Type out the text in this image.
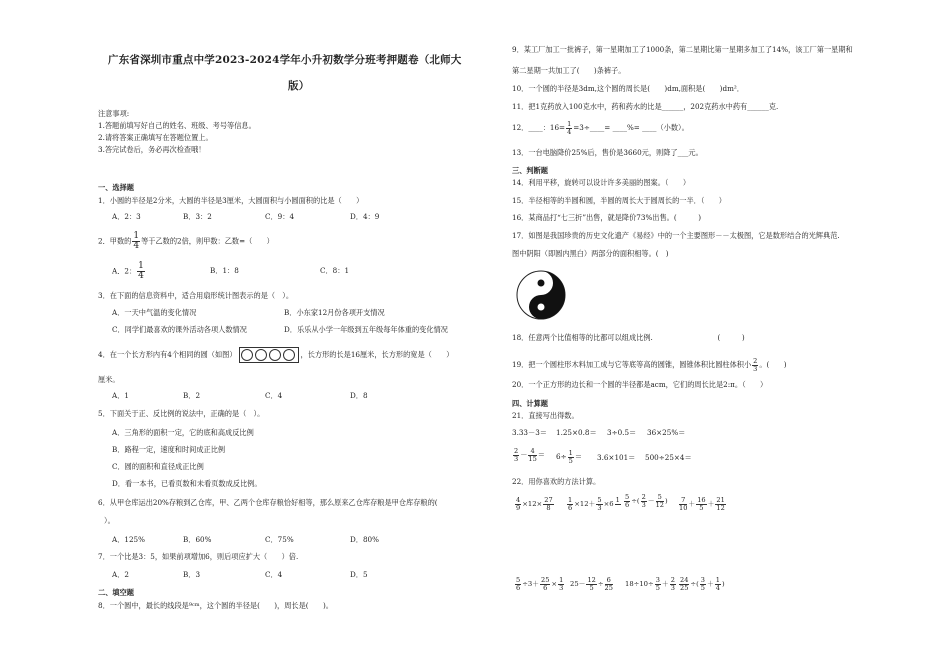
广东省深圳市重点中学2023-2024学年小升初数学分班考押题卷（北师大
版）
注意事项:
1.答题前填写好自己的姓名、班级、考号等信息。
2.请将答案正确填写在答题位置上。
3.答完试卷后，务必再次检查哦！
一、选择题
1．小圆的半径是2分米，大圆的半径是3厘米，大圆面积与小圆面积的比是（　　）
A．2：3	B．3：2	C．9：4	D．4：9
2．甲数的 $\frac{1}{4}$ 等于乙数的2倍，则甲数：乙数=（　　）
A．2： $\frac{1}{4}$	B．1：8	C．8：1
3．在下面的信息资料中，适合用扇形统计图表示的是（　）。
A．一天中气温的变化情况	B．小东家12月份各项开支情况
C．同学们最喜欢的课外活动各项人数情况	D．乐乐从小学一年级到五年级每年体重的变化情况
4．在一个长方形内有4个相同的圆（如图）	，长方形的长是16厘米，长方形的宽是（　　）
厘米。
A．1	B．2	C．4	D．8
5．下面关于正、反比例的说法中，正确的是（　）。
A．三角形的面积一定，它的底和高成反比例
B．路程一定，速度和时间成正比例
C．圆的面积和直径成正比例
D．看一本书，已看页数和未看页数成反比例。
6．从甲仓库运出20%存粮到乙仓库，甲、乙两个仓库存粮恰好相等，那么原来乙仓库存粮是甲仓库存粮的(
）。
A．125%	B．60%	C．75%	D．80%
7．一个比是3：5，如果前项增加6，则后项应扩大（　　）倍.
A．2	B．3	C．4	D．5
二、填空题
8．一个圆中，最长的线段是$^{9cm}$，这个圆的半径是(　　)，周长是(　　)。
9．某工厂加工一批裤子，第一星期加工了1000条，第二星期比第一星期多加工了14%，该工厂第一星期和
第二星期一共加工了(　　)条裤子。
10．一个圆的半径是3dm,这个圆的周长是(　　)dm,面积是(　　)dm²．
11．把1克药放入100克水中，药和药水的比是______，202克药水中药有______克.
12．____：$16= \frac{1}{4}$ =3÷____= ____%= ____（小数）。
13．一台电脑降价25%后，售价是3660元，则降了___元。
三、判断题
14．利用平移，旋转可以设计许多美丽的图案。（　　）
15．半径相等的半圆和圆，半圆的周长大于圆周长的一半．（　　）
16．某商品打“七三折”出售，就是降价73%出售。(　　　)
17．如图是我国珍贵的历史文化遗产《易经》中的一个主要图形－－太极图，它是数形结合的光辉典范.
图中阴阳（即圆内黑白）两部分的面积相等。(　)
18．任意两个比值相等的比都可以组成比例.　　　　　　　　　(　　　)
19．把一个圆柱形木料加工成与它等底等高的圆锥，圆锥体积比圆柱体积小 $\frac{2}{3}$ 。(　　)
20．一个正方形的边长和一个圆的半径都是acm，它们的周长比是2:π。（　　）
四、计算题
21．直接写出得数。
3.33－3＝ 1.25×0.8＝ 3÷0.5＝ 36×25%＝
$\frac{2}{3} - \frac{4}{15} = 6\div \frac{1}{5} = 3.6\times 101= 500\div 25\times 4=$
22．用你喜欢的方法计算。
$\frac{4}{9} \times 12\times \frac{27}{8} \frac{1}{6} \times 12+ \frac{5}{3} \times 6$
$1 \frac{5}{6}$ ÷( $\frac{2}{3} - \frac{5}{12}$ ) $\frac{7}{10} + \frac{16}{5} + \frac{21}{12}$
$\frac{5}{6} \div 3+ \frac{25}{6} \times \frac{1}{3} 25- \frac{12}{5} \div \frac{6}{25} 18\div 10\div \frac{3}{5} + \frac{2}{3} \frac{24}{25}$ ÷( $\frac{3}{5} + \frac{1}{4}$ )
